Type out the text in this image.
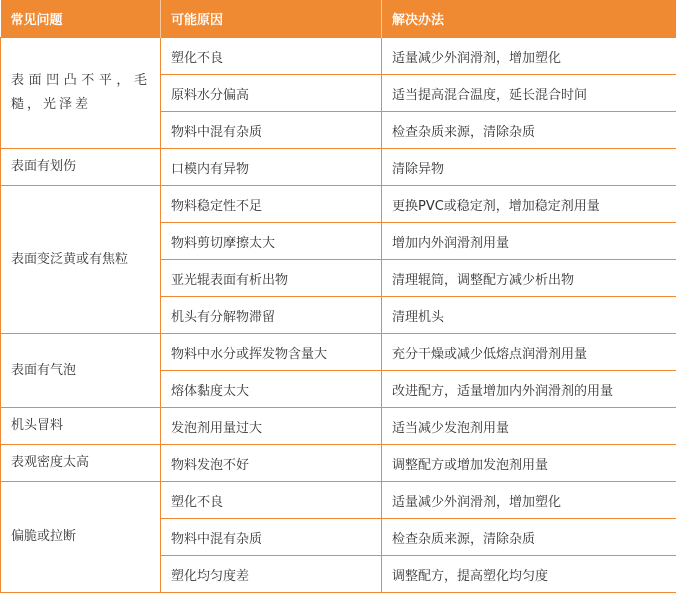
常见问题	可能原因	解决办法
表面凹凸不平，毛糙，光泽差	塑化不良	适量减少外润滑剂，增加塑化
	原料水分偏高	适当提高混合温度，延长混合时间
	物料中混有杂质	检查杂质来源，清除杂质
表面有划伤	口模内有异物	清除异物
表面变泛黄或有焦粒	物料稳定性不足	更换PVC或稳定剂，增加稳定剂用量
	物料剪切摩擦太大	增加内外润滑剂用量
	亚光辊表面有析出物	清理辊筒，调整配方减少析出物
	机头有分解物滞留	清理机头
表面有气泡	物料中水分或挥发物含量大	充分干燥或减少低熔点润滑剂用量
	熔体黏度太大	改进配方，适量增加内外润滑剂的用量
机头冒料	发泡剂用量过大	适当减少发泡剂用量
表观密度太高	物料发泡不好	调整配方或增加发泡剂用量
偏脆或拉断	塑化不良	适量减少外润滑剂，增加塑化
	物料中混有杂质	检查杂质来源，清除杂质
	塑化均匀度差	调整配方，提高塑化均匀度
